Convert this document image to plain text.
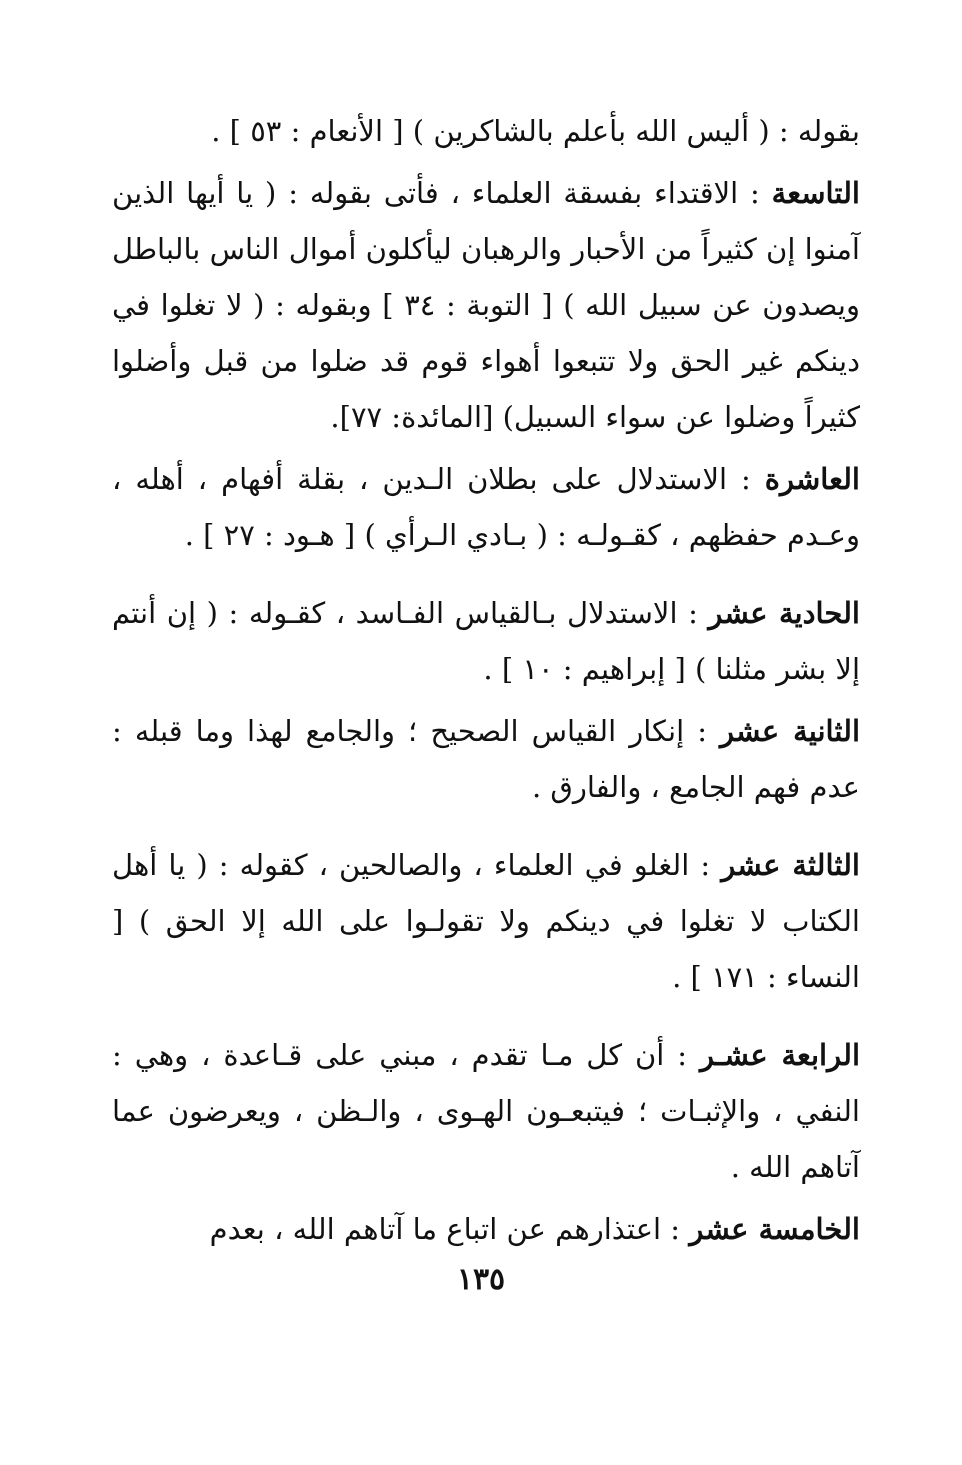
بقوله : ( أليس الله بأعلم بالشاكرين ) [ الأنعام : ٥٣ ] .

التاسعة : الاقتداء بفسقة العلماء ، فأتى بقوله : ( يا أيها الذين آمنوا إن كثيراً من الأحبار والرهبان ليأكلون أموال الناس بالباطل ويصدون عن سبيل الله ) [ التوبة : ٣٤ ] وبقوله : ( لا تغلوا في دينكم غير الحق ولا تتبعوا أهواء قوم قد ضلوا من قبل وأضلوا كثيراً وضلوا عن سواء السبيل) [المائدة: ٧٧].

العاشرة : الاستدلال على بطلان الـدين ، بقلة أفهام ، أهله ، وعـدم حفظهم ، كقـولـه : ( بـادي الـرأي ) [ هـود : ٢٧ ] .

الحادية عشر : الاستدلال بـالقياس الفـاسد ، كقـوله : ( إن أنتم إلا بشر مثلنا ) [ إبراهيم : ١٠ ] .

الثانية عشر : إنكار القياس الصحيح ؛ والجامع لهذا وما قبله : عدم فهم الجامع ، والفارق .

الثالثة عشر : الغلو في العلماء ، والصالحين ، كقوله : ( يا أهل الكتاب لا تغلوا في دينكم ولا تقولـوا على الله إلا الحق ) [ النساء : ١٧١ ] .

الرابعة عشـر : أن كل مـا تقدم ، مبني على قـاعدة ، وهي : النفي ، والإثبـات ؛ فيتبعـون الهـوى ، والـظن ، ويعرضون عما آتاهم الله .

الخامسة عشر : اعتذارهم عن اتباع ما آتاهم الله ، بعدم

١٣٥
